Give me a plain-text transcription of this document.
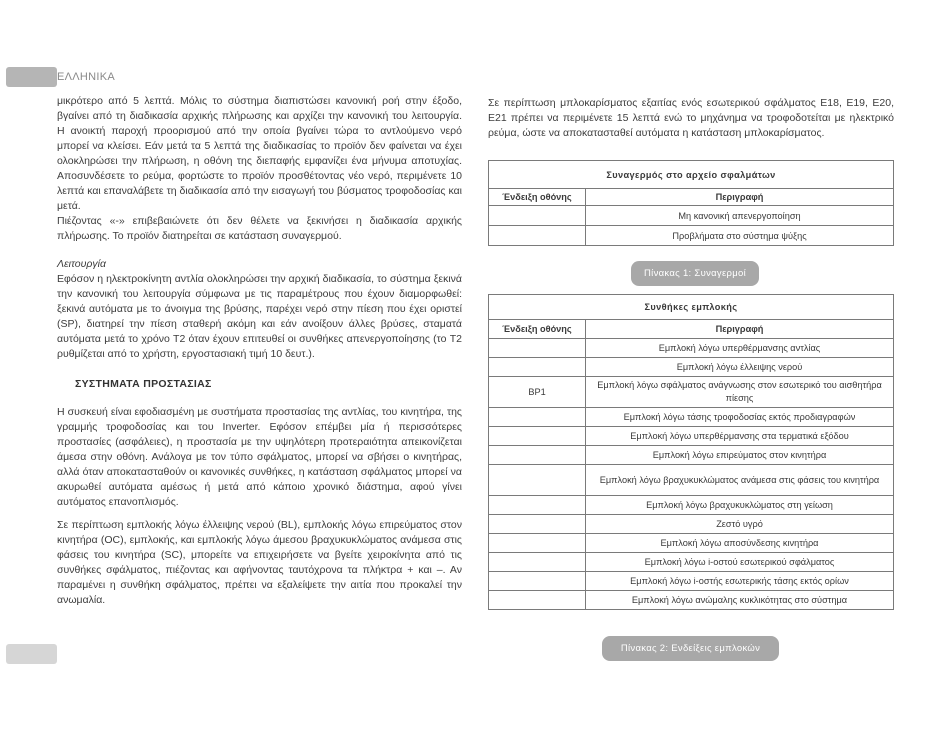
ΕΛΛΗΝΙΚΑ

μικρότερο από 5 λεπτά. Μόλις το σύστημα διαπιστώσει κανονική ροή στην έξοδο, βγαίνει από τη διαδικασία αρχικής πλήρωσης και αρχίζει την κανονική του λειτουργία. Η ανοικτή παροχή προορισμού από την οποία βγαίνει τώρα το αντλούμενο νερό μπορεί να κλείσει. Εάν μετά τα 5 λεπτά της διαδικασίας το προϊόν δεν φαίνεται να έχει ολοκληρώσει την πλήρωση, η οθόνη της διεπαφής εμφανίζει ένα μήνυμα αποτυχίας. Αποσυνδέσετε το ρεύμα, φορτώστε το προϊόν προσθέτοντας νέο νερό, περιμένετε 10 λεπτά και επαναλάβετε τη διαδικασία από την εισαγωγή του βύσματος τροφοδοσίας και μετά.

Πιέζοντας «-» επιβεβαιώνετε ότι δεν θέλετε να ξεκινήσει η διαδικασία αρχικής πλήρωσης. Το προϊόν διατηρείται σε κατάσταση συναγερμού.

Λειτουργία

Εφόσον η ηλεκτροκίνητη αντλία ολοκληρώσει την αρχική διαδικασία, το σύστημα ξεκινά την κανονική του λειτουργία σύμφωνα με τις παραμέτρους που έχουν διαμορφωθεί: ξεκινά αυτόματα με το άνοιγμα της βρύσης, παρέχει νερό στην πίεση που έχει οριστεί (SP), διατηρεί την πίεση σταθερή ακόμη και εάν ανοίξουν άλλες βρύσες, σταματά αυτόματα μετά το χρόνο T2 όταν έχουν επιτευθεί οι συνθήκες απενεργοποίησης (το T2 ρυθμίζεται από το χρήστη, εργοστασιακή τιμή 10 δευτ.).

ΣΥΣΤΗΜΑΤΑ ΠΡΟΣΤΑΣΙΑΣ

Η συσκευή είναι εφοδιασμένη με συστήματα προστασίας της αντλίας, του κινητήρα, της γραμμής τροφοδοσίας και του Inverter. Εφόσον επέμβει μία ή περισσότερες προστασίες (ασφάλειες), η προστασία με την υψηλότερη προτεραιότητα απεικονίζεται άμεσα στην οθόνη. Ανάλογα με τον τύπο σφάλματος, μπορεί να σβήσει ο κινητήρας, αλλά όταν αποκατασταθούν οι κανονικές συνθήκες, η κατάσταση σφάλματος μπορεί να ακυρωθεί αυτόματα αμέσως ή μετά από κάποιο χρονικό διάστημα, αφού γίνει αυτόματος επανοπλισμός.

Σε περίπτωση εμπλοκής λόγω έλλειψης νερού (BL), εμπλοκής λόγω επιρεύματος στον κινητήρα (OC), εμπλοκής, και εμπλοκής λόγω άμεσου βραχυκυκλώματος ανάμεσα στις φάσεις του κινητήρα (SC), μπορείτε να επιχειρήσετε να βγείτε χειροκίνητα από τις συνθήκες σφάλματος, πιέζοντας και αφήνοντας ταυτόχρονα τα πλήκτρα + και –. Αν παραμένει η συνθήκη σφάλματος, πρέπει να εξαλείψετε την αιτία που προκαλεί την ανωμαλία.

Σε περίπτωση μπλοκαρίσματος εξαιτίας ενός εσωτερικού σφάλματος E18, E19, E20, E21 πρέπει να περιμένετε 15 λεπτά ενώ το μηχάνημα να τροφοδοτείται με ηλεκτρικό ρεύμα, ώστε να αποκατασταθεί αυτόματα η κατάσταση μπλοκαρίσματος.

Συναγερμός στο αρχείο σφαλμάτων	
Ένδειξη οθόνης	Περιγραφή
	Μη κανονική απενεργοποίηση
	Προβλήματα στο σύστημα ψύξης
Πίνακας 1: Συναγερμοί
Συνθήκες εμπλοκής	
Ένδειξη οθόνης	Περιγραφή
	Εμπλοκή λόγω υπερθέρμανσης αντλίας
	Εμπλοκή λόγω έλλειψης νερού
BP1	Εμπλοκή λόγω σφάλματος ανάγνωσης στον εσωτερικό του αισθητήρα πίεσης
	Εμπλοκή λόγω τάσης τροφοδοσίας εκτός προδιαγραφών
	Εμπλοκή λόγω υπερθέρμανσης στα τερματικά εξόδου
	Εμπλοκή λόγω επιρεύματος στον κινητήρα
	Εμπλοκή λόγω βραχυκυκλώματος ανάμεσα στις φάσεις του κινητήρα
	Εμπλοκή λόγω βραχυκυκλώματος στη γείωση
	Ζεστό υγρό
	Εμπλοκή λόγω αποσύνδεσης κινητήρα
	Εμπλοκή λόγω i-οστού εσωτερικού σφάλματος
	Εμπλοκή λόγω i-οστής εσωτερικής τάσης εκτός ορίων
	Εμπλοκή λόγω ανώμαλης κυκλικότητας στο σύστημα
Πίνακας 2: Ενδείξεις εμπλοκών
